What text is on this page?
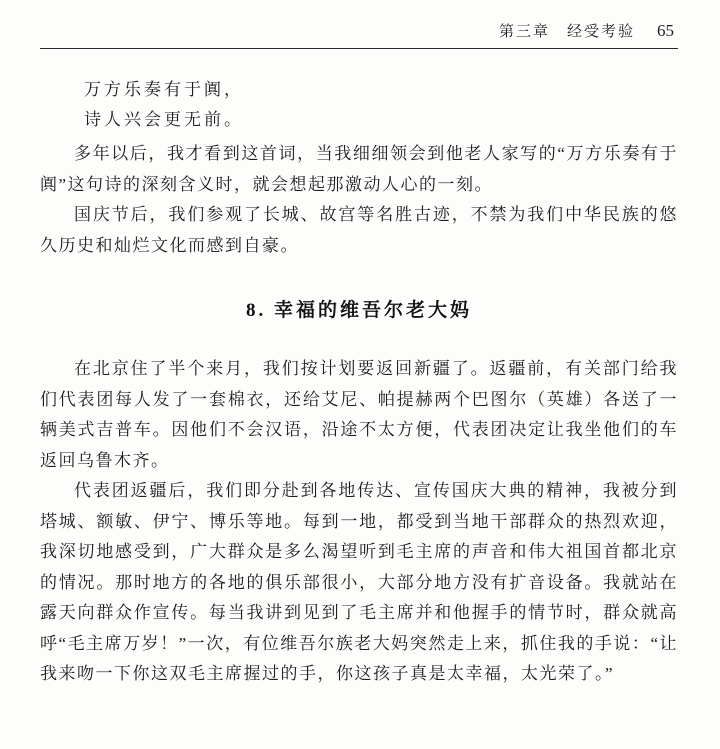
第三章　经受考验 65

万方乐奏有于阗，

诗人兴会更无前。

多年以后，我才看到这首词，当我细细领会到他老人家写的“万方乐奏有于阗”这句诗的深刻含义时，就会想起那激动人心的一刻。

国庆节后，我们参观了长城、故宫等名胜古迹，不禁为我们中华民族的悠久历史和灿烂文化而感到自豪。

8. 幸福的维吾尔老大妈

在北京住了半个来月，我们按计划要返回新疆了。返疆前，有关部门给我们代表团每人发了一套棉衣，还给艾尼、帕提赫两个巴图尔（英雄）各送了一辆美式吉普车。因他们不会汉语，沿途不太方便，代表团决定让我坐他们的车返回乌鲁木齐。

代表团返疆后，我们即分赴到各地传达、宣传国庆大典的精神，我被分到塔城、额敏、伊宁、博乐等地。每到一地，都受到当地干部群众的热烈欢迎，我深切地感受到，广大群众是多么渴望听到毛主席的声音和伟大祖国首都北京的情况。那时地方的各地的俱乐部很小，大部分地方没有扩音设备。我就站在露天向群众作宣传。每当我讲到见到了毛主席并和他握手的情节时，群众就高呼“毛主席万岁！”一次，有位维吾尔族老大妈突然走上来，抓住我的手说：“让我来吻一下你这双毛主席握过的手，你这孩子真是太幸福，太光荣了。”
